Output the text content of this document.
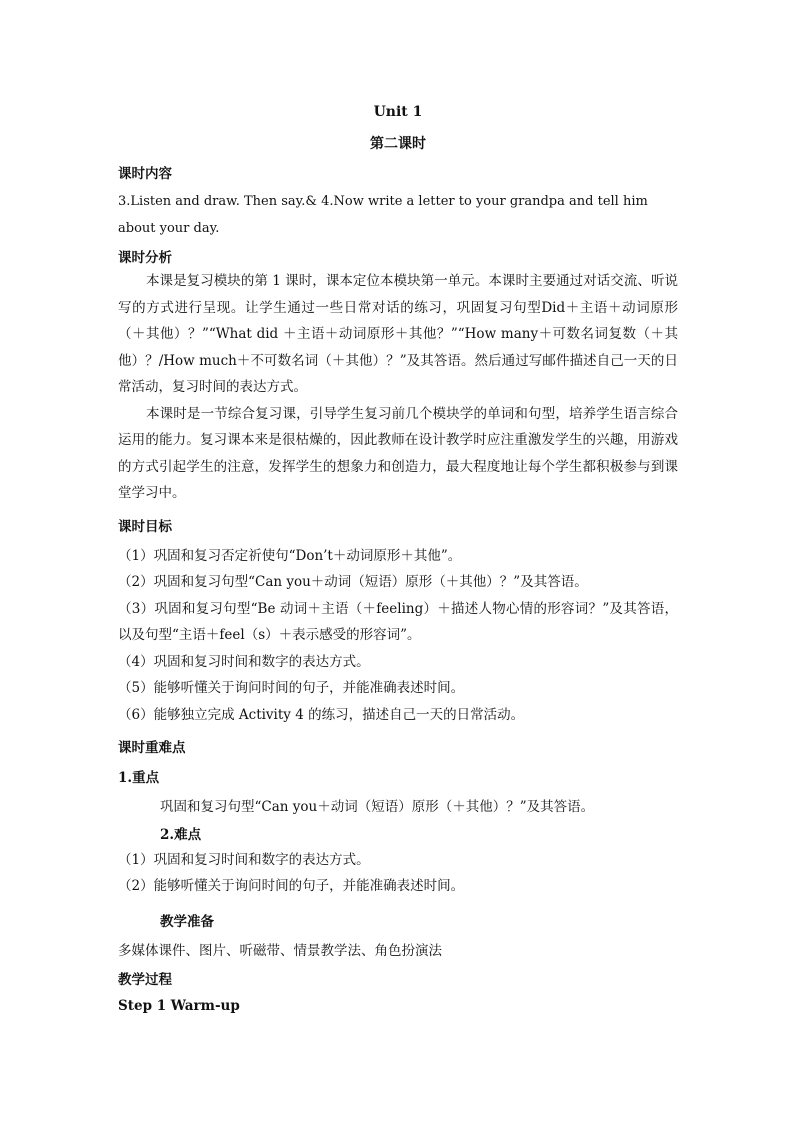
Unit 1
第二课时
课时内容
3.Listen and draw. Then say.& 4.Now write a letter to your grandpa and tell him about your day.
课时分析
本课是复习模块的第 1 课时，课本定位本模块第一单元。本课时主要通过对话交流、听说写的方式进行呈现。让学生通过一些日常对话的练习，巩固复习句型Did＋主语＋动词原形（＋其他）？”“What did ＋主语＋动词原形＋其他？”“How many＋可数名词复数（＋其他）？/How much＋不可数名词（＋其他）？”及其答语。然后通过写邮件描述自己一天的日常活动，复习时间的表达方式。
本课时是一节综合复习课，引导学生复习前几个模块学的单词和句型，培养学生语言综合运用的能力。复习课本来是很枯燥的，因此教师在设计教学时应注重激发学生的兴趣，用游戏的方式引起学生的注意，发挥学生的想象力和创造力，最大程度地让每个学生都积极参与到课堂学习中。
课时目标
（1）巩固和复习否定祈使句“Don’t＋动词原形＋其他”。
（2）巩固和复习句型“Can you＋动词（短语）原形（＋其他）？”及其答语。
（3）巩固和复习句型“Be 动词＋主语（＋feeling）＋描述人物心情的形容词？”及其答语，以及句型“主语＋feel（s）＋表示感受的形容词”。
（4）巩固和复习时间和数字的表达方式。
（5）能够听懂关于询问时间的句子，并能准确表述时间。
（6）能够独立完成 Activity 4 的练习，描述自己一天的日常活动。
课时重难点
1.重点
巩固和复习句型“Can you＋动词（短语）原形（＋其他）？”及其答语。
2.难点
（1）巩固和复习时间和数字的表达方式。
（2）能够听懂关于询问时间的句子，并能准确表述时间。
教学准备
多媒体课件、图片、听磁带、情景教学法、角色扮演法
教学过程
Step 1 Warm-up
